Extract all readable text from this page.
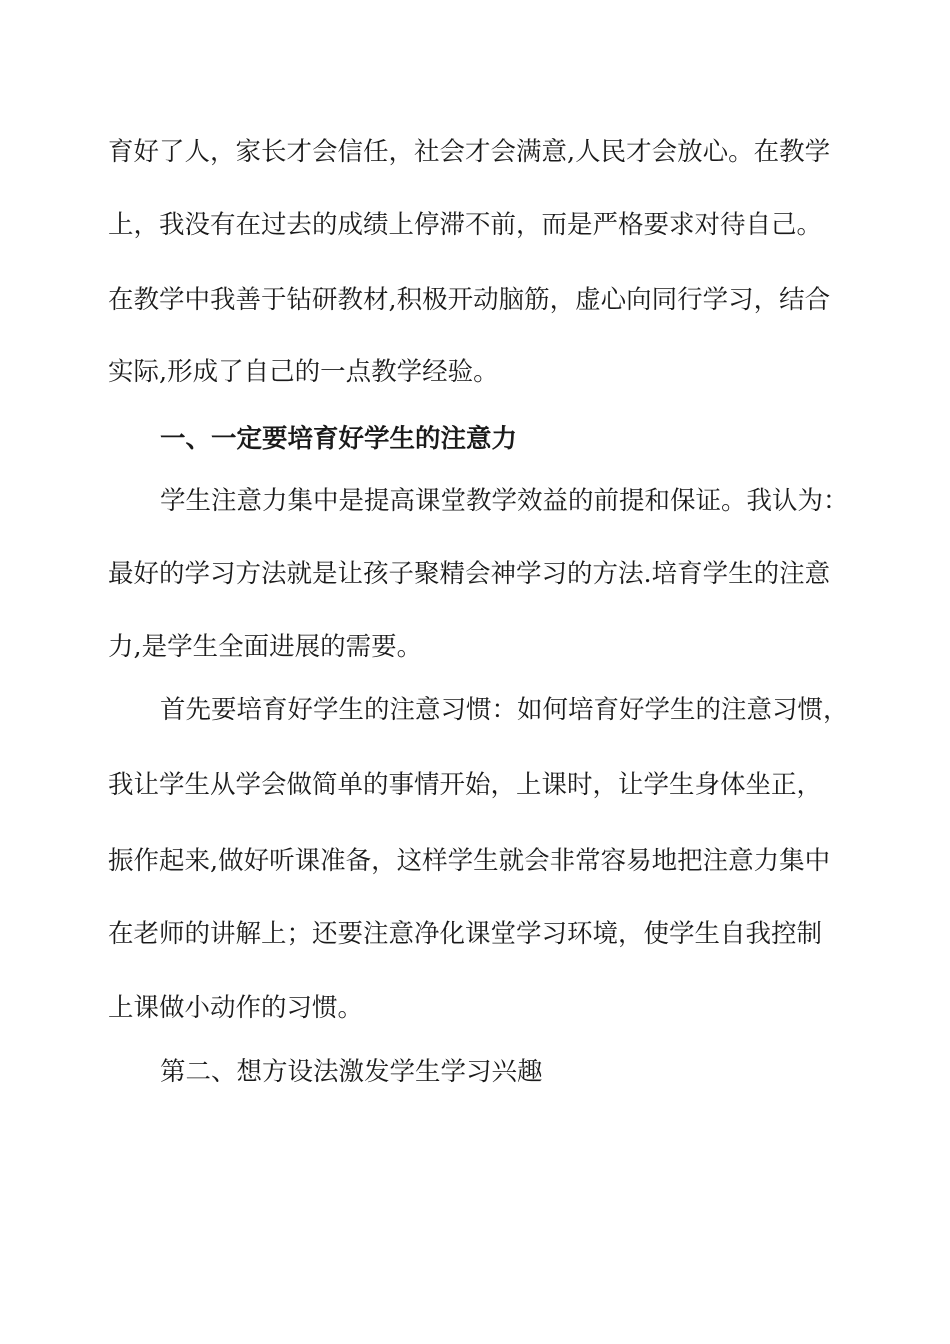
育好了人，家长才会信任，社会才会满意,人民才会放心。在教学
上，我没有在过去的成绩上停滞不前，而是严格要求对待自己。
在教学中我善于钻研教材,积极开动脑筋，虚心向同行学习，结合
实际,形成了自己的一点教学经验。
一、一定要培育好学生的注意力
学生注意力集中是提高课堂教学效益的前提和保证。我认为：
最好的学习方法就是让孩子聚精会神学习的方法.培育学生的注意
力,是学生全面进展的需要。
首先要培育好学生的注意习惯：如何培育好学生的注意习惯，
我让学生从学会做简单的事情开始，上课时，让学生身体坐正，
振作起来,做好听课准备，这样学生就会非常容易地把注意力集中
在老师的讲解上；还要注意净化课堂学习环境，使学生自我控制
上课做小动作的习惯。
第二、想方设法激发学生学习兴趣
